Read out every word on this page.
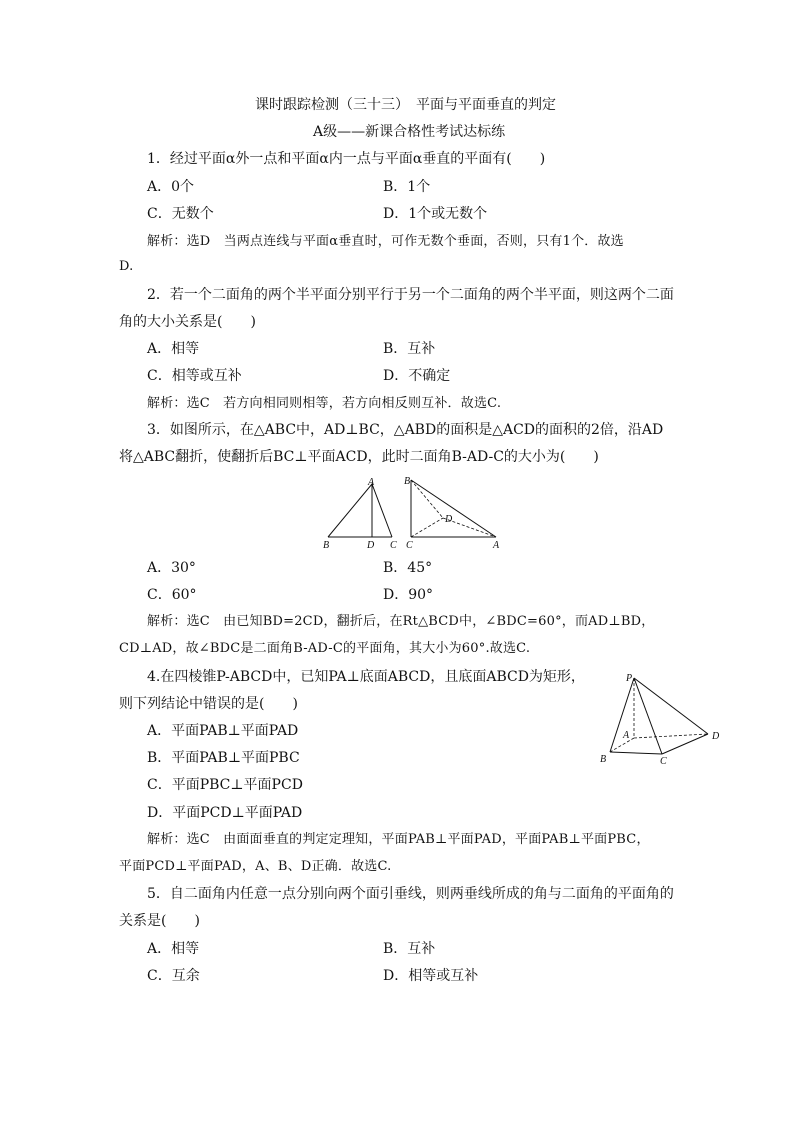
课时跟踪检测（三十三）　平面与平面垂直的判定
A级——新课合格性考试达标练
1．经过平面α外一点和平面α内一点与平面α垂直的平面有(　　)
A．0个	B．1个
C．无数个	D．1个或无数个
解析：选D　当两点连线与平面α垂直时，可作无数个垂面，否则，只有1个．故选
D.
2．若一个二面角的两个半平面分别平行于另一个二面角的两个半平面，则这两个二面
角的大小关系是(　　)
A．相等	B．互补
C．相等或互补	D．不确定
解析：选C　若方向相同则相等，若方向相反则互补．故选C.
3．如图所示，在△ABC中，AD⊥BC，△ABD的面积是△ACD的面积的2倍，沿AD
将△ABC翻折，使翻折后BC⊥平面ACD，此时二面角B-AD-C的大小为(　　)
A
B	D C
B
D
C	A
A．30°	B．45°
C．60°	D．90°
解析：选C　由已知BD=2CD，翻折后，在Rt△BCD中，∠BDC=60°，而AD⊥BD，
CD⊥AD，故∠BDC是二面角B-AD-C的平面角，其大小为60°.故选C.
4.在四棱锥P-ABCD中，已知PA⊥底面ABCD，且底面ABCD为矩形，
则下列结论中错误的是(　　)
P
A	D
B	C
A．平面PAB⊥平面PAD
B．平面PAB⊥平面PBC
C．平面PBC⊥平面PCD
D．平面PCD⊥平面PAD
解析：选C　由面面垂直的判定定理知，平面PAB⊥平面PAD，平面PAB⊥平面PBC，
平面PCD⊥平面PAD，A、B、D正确．故选C.
5．自二面角内任意一点分别向两个面引垂线，则两垂线所成的角与二面角的平面角的
关系是(　　)
A．相等	B．互补
C．互余	D．相等或互补
